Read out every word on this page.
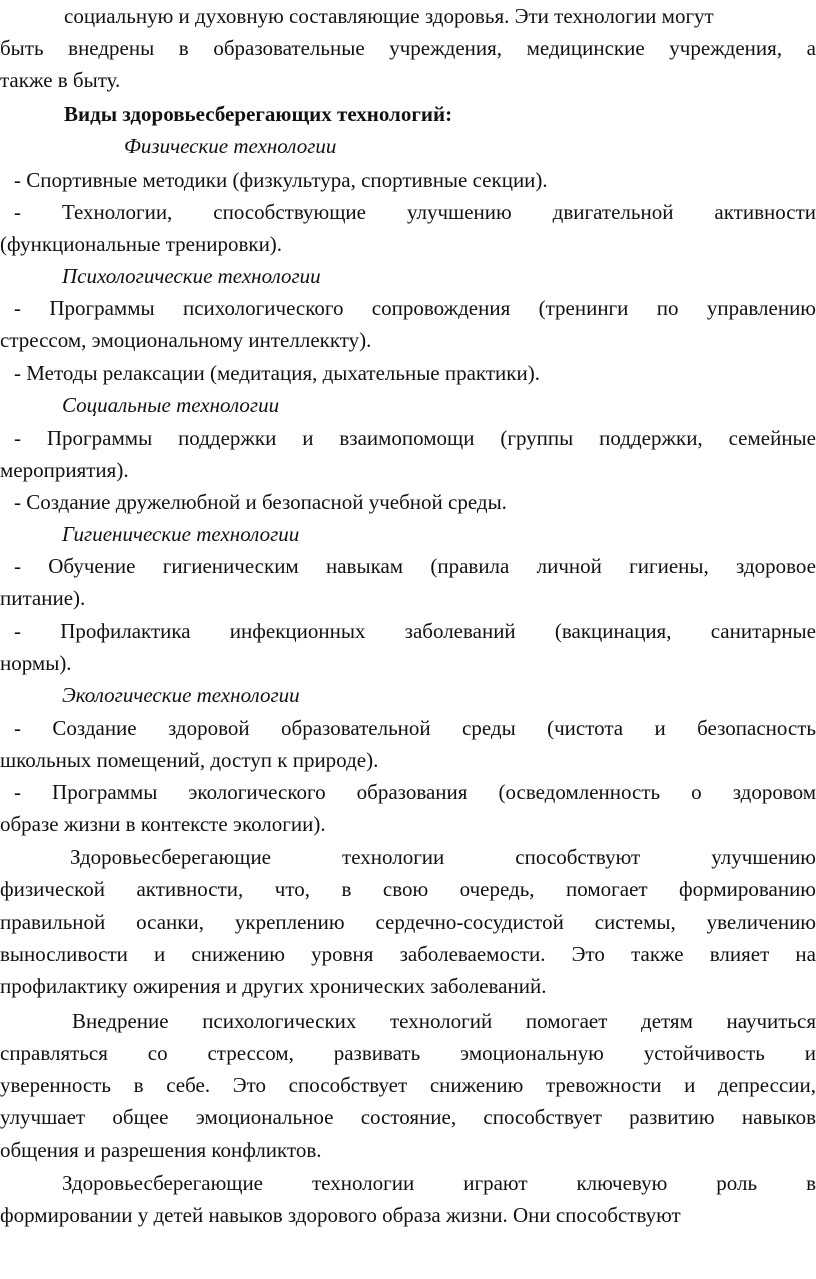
социальную и духовную составляющие здоровья. Эти технологии могут

быть внедрены в образовательные учреждения, медицинские учреждения, а

также в быту.

Виды здоровьесберегающих технологий:

Физические технологии

- Спортивные методики (физкультура, спортивные секции).

- Технологии, способствующие улучшению двигательной активности

(функциональные тренировки).

Психологические технологии

- Программы психологического сопровождения (тренинги по управлению

стрессом, эмоциональному интеллеккту).

- Методы релаксации (медитация, дыхательные практики).

Социальные технологии

- Программы поддержки и взаимопомощи (группы поддержки, семейные

мероприятия).

- Создание дружелюбной и безопасной учебной среды.

Гигиенические технологии

- Обучение гигиеническим навыкам (правила личной гигиены, здоровое

питание).

- Профилактика инфекционных заболеваний (вакцинация, санитарные

нормы).

Экологические технологии

- Создание здоровой образовательной среды (чистота и безопасность

школьных помещений, доступ к природе).

- Программы экологического образования (осведомленность о здоровом

образе жизни в контексте экологии).

Здоровьесберегающие технологии способствуют улучшению

физической активности, что, в свою очередь, помогает формированию

правильной осанки, укреплению сердечно-сосудистой системы, увеличению

выносливости и снижению уровня заболеваемости. Это также влияет на

профилактику ожирения и других хронических заболеваний.

Внедрение психологических технологий помогает детям научиться

справляться со стрессом, развивать эмоциональную устойчивость и

уверенность в себе. Это способствует снижению тревожности и депрессии,

улучшает общее эмоциональное состояние, способствует развитию навыков

общения и разрешения конфликтов.

Здоровьесберегающие технологии играют ключевую роль в

формировании у детей навыков здорового образа жизни. Они способствуют
